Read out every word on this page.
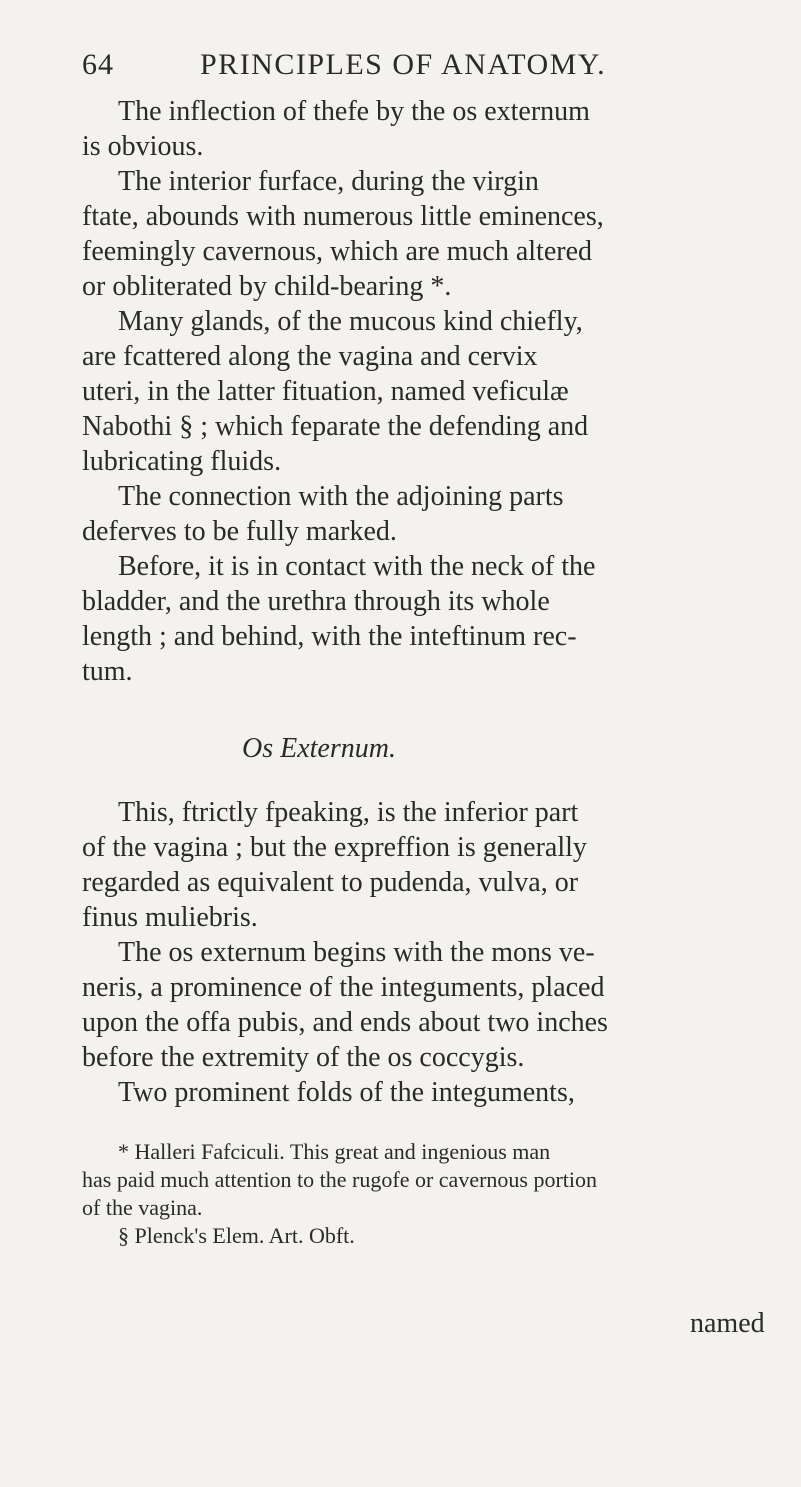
64	PRINCIPLES OF ANATOMY.
The inflection of thefe by the os externum
is obvious.
The interior furface, during the virgin
ftate, abounds with numerous little eminences,
feemingly cavernous, which are much altered
or obliterated by child-bearing *.
Many glands, of the mucous kind chiefly,
are fcattered along the vagina and cervix
uteri, in the latter fituation, named veficulæ
Nabothi § ; which feparate the defending and
lubricating fluids.
The connection with the adjoining parts
deferves to be fully marked.
Before, it is in contact with the neck of the
bladder, and the urethra through its whole
length ; and behind, with the inteftinum rec-
tum.
Os Externum.
This, ftrictly fpeaking, is the inferior part
of the vagina ; but the expreffion is generally
regarded as equivalent to pudenda, vulva, or
finus muliebris.
The os externum begins with the mons ve-
neris, a prominence of the integuments, placed
upon the offa pubis, and ends about two inches
before the extremity of the os coccygis.
Two prominent folds of the integuments,
* Halleri Fafciculi. This great and ingenious man
has paid much attention to the rugofe or cavernous portion
of the vagina.
§ Plenck's Elem. Art. Obft.
named
